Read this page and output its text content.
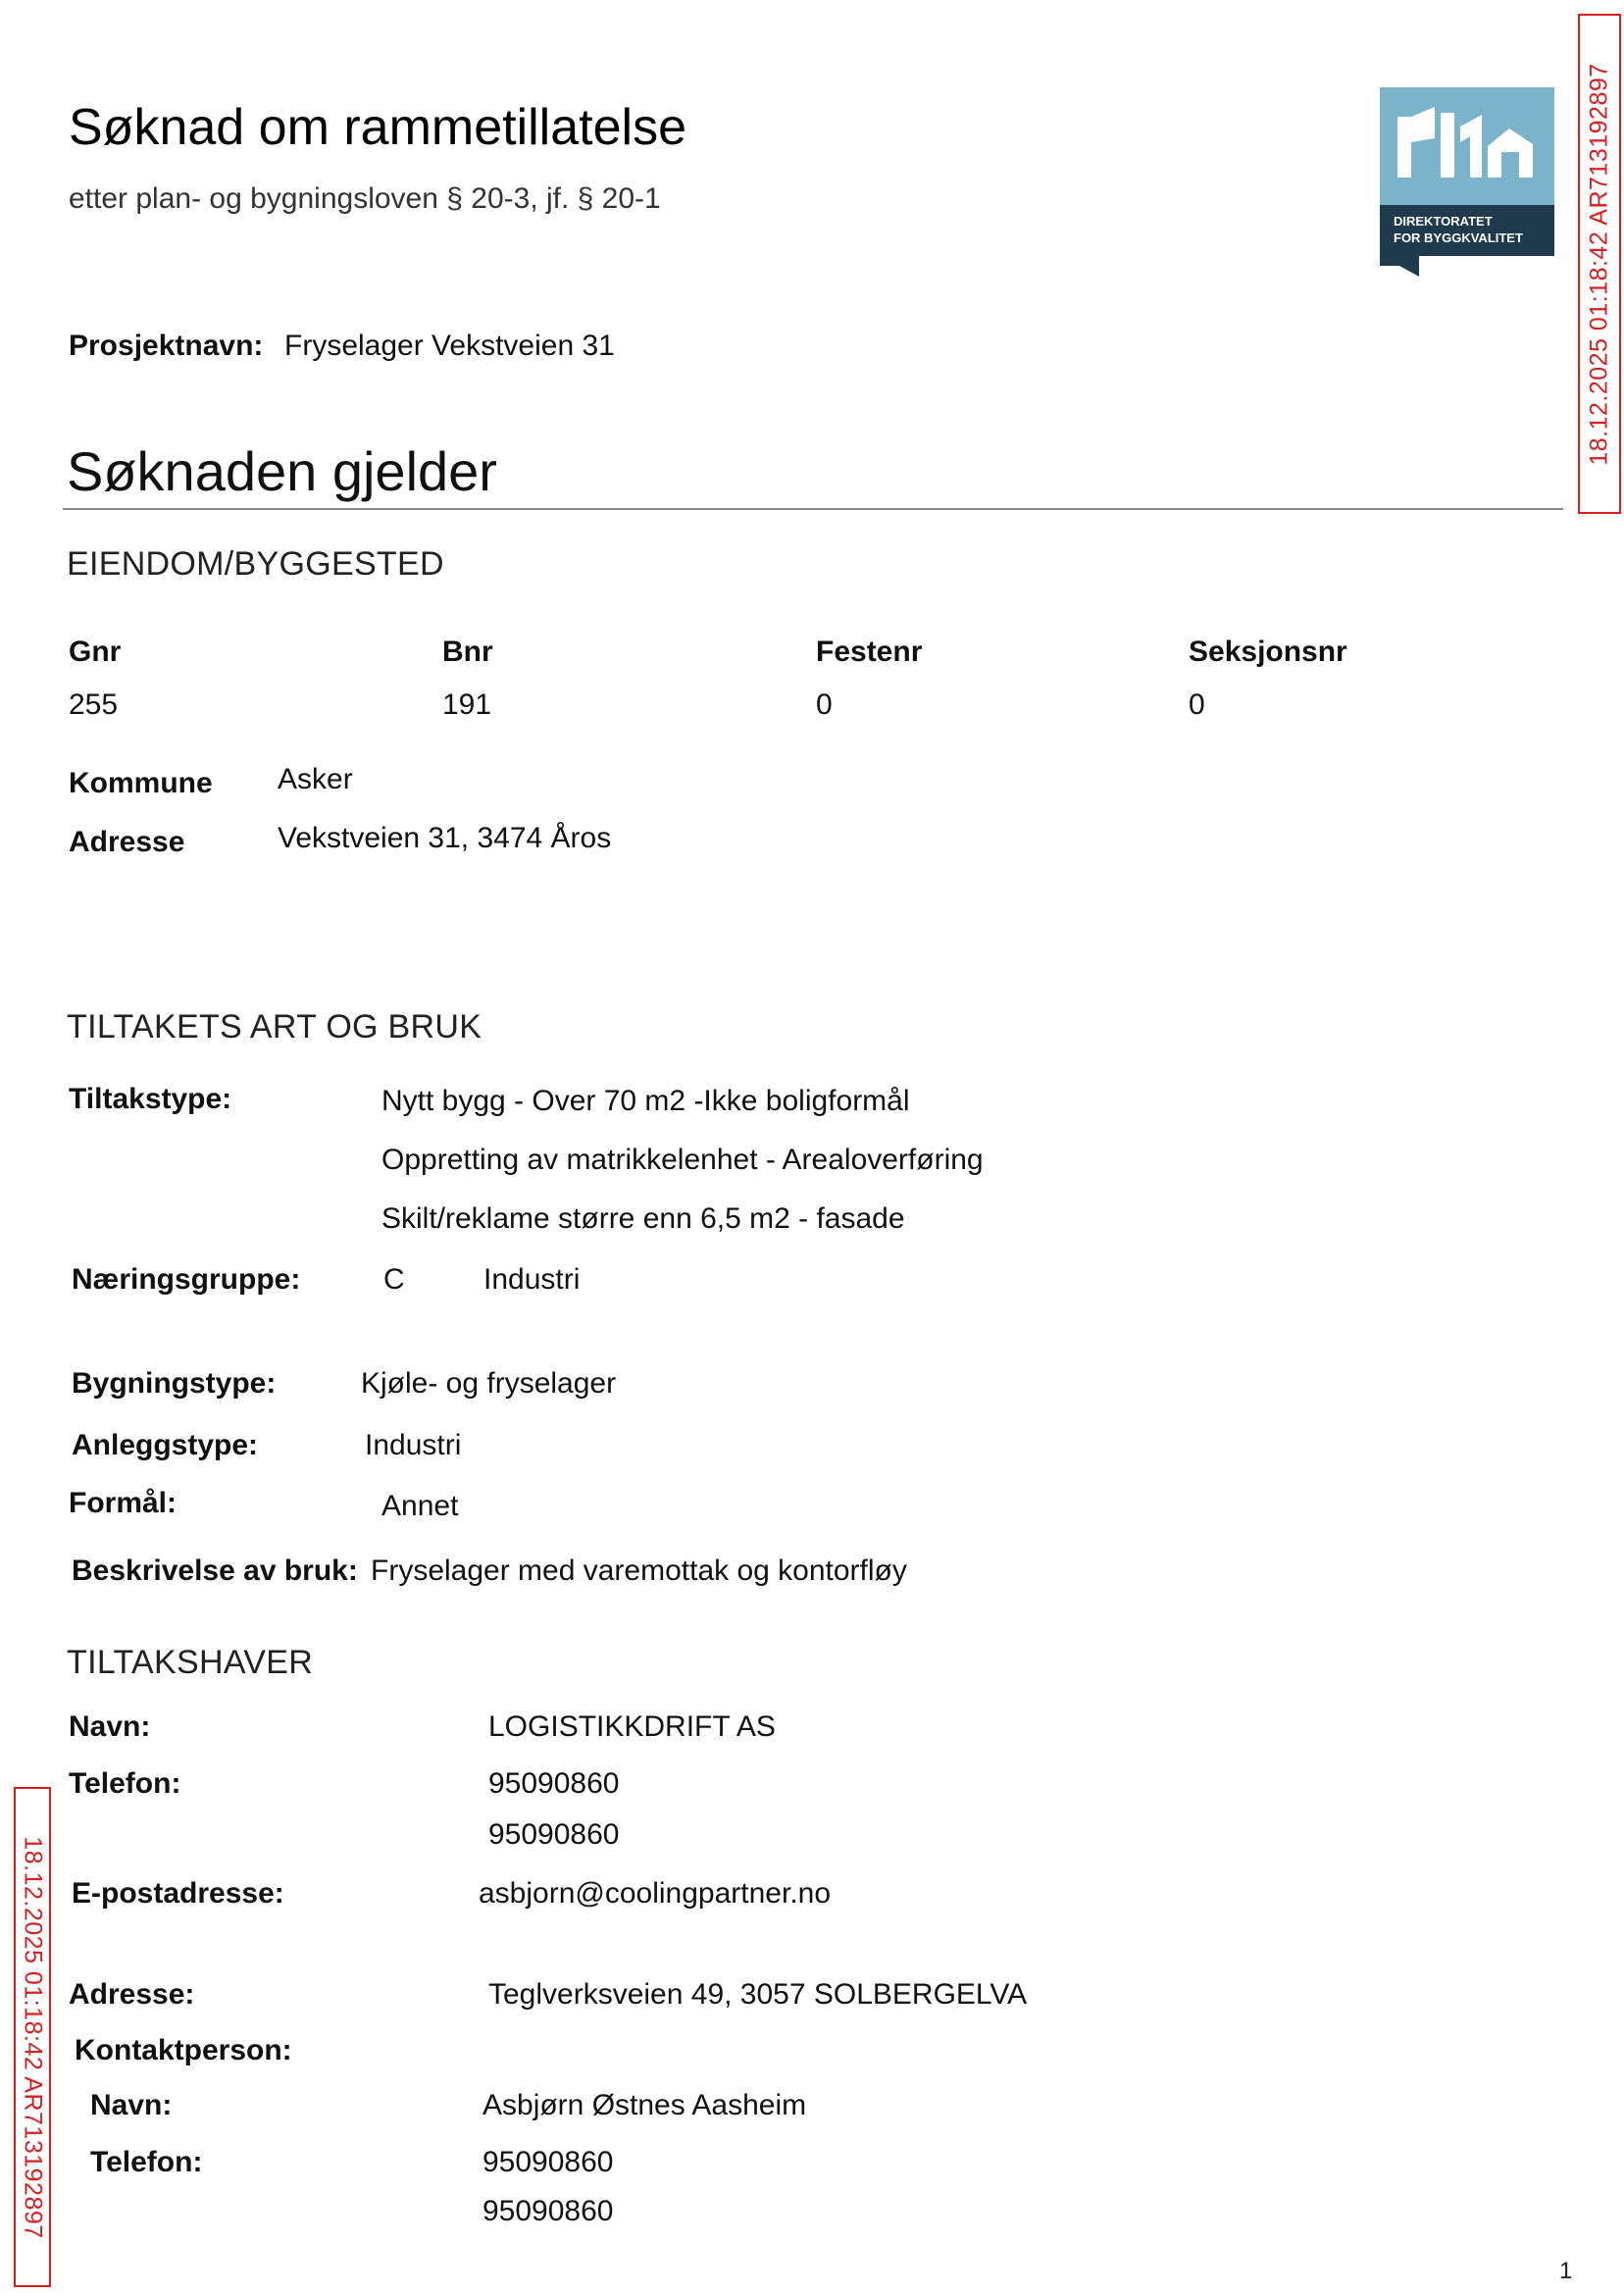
Søknad om rammetillatelse
etter plan- og bygningsloven § 20-3, jf. § 20-1
DIREKTORATET
FOR BYGGKVALITET
Prosjektnavn: Fryselager Vekstveien 31
Søknaden gjelder
EIENDOM/BYGGESTED
Gnr	Bnr	Festenr	Seksjonsnr
255	191	0	0
Kommune Asker
Adresse	Vekstveien 31, 3474 Åros
TILTAKETS ART OG BRUK
Tiltakstype:	Nytt bygg - Over 70 m2 -Ikke boligformål
Oppretting av matrikkelenhet - Arealoverføring
Skilt/reklame større enn 6,5 m2 - fasade
Næringsgruppe:	C	Industri
Bygningstype:	Kjøle- og fryselager
Anleggstype:	Industri
Formål:	Annet
Beskrivelse av bruk: Fryselager med varemottak og kontorfløy
TILTAKSHAVER
Navn:	LOGISTIKKDRIFT AS
Telefon:	95090860
95090860
E-postadresse:	asbjorn@coolingpartner.no
Adresse:	Teglverksveien 49, 3057 SOLBERGELVA
Kontaktperson:
Navn:	Asbjørn Østnes Aasheim
Telefon:	95090860
95090860
18.12.2025 01:18:42 AR713192897
18.12.2025 01:18:42 AR713192897
1
